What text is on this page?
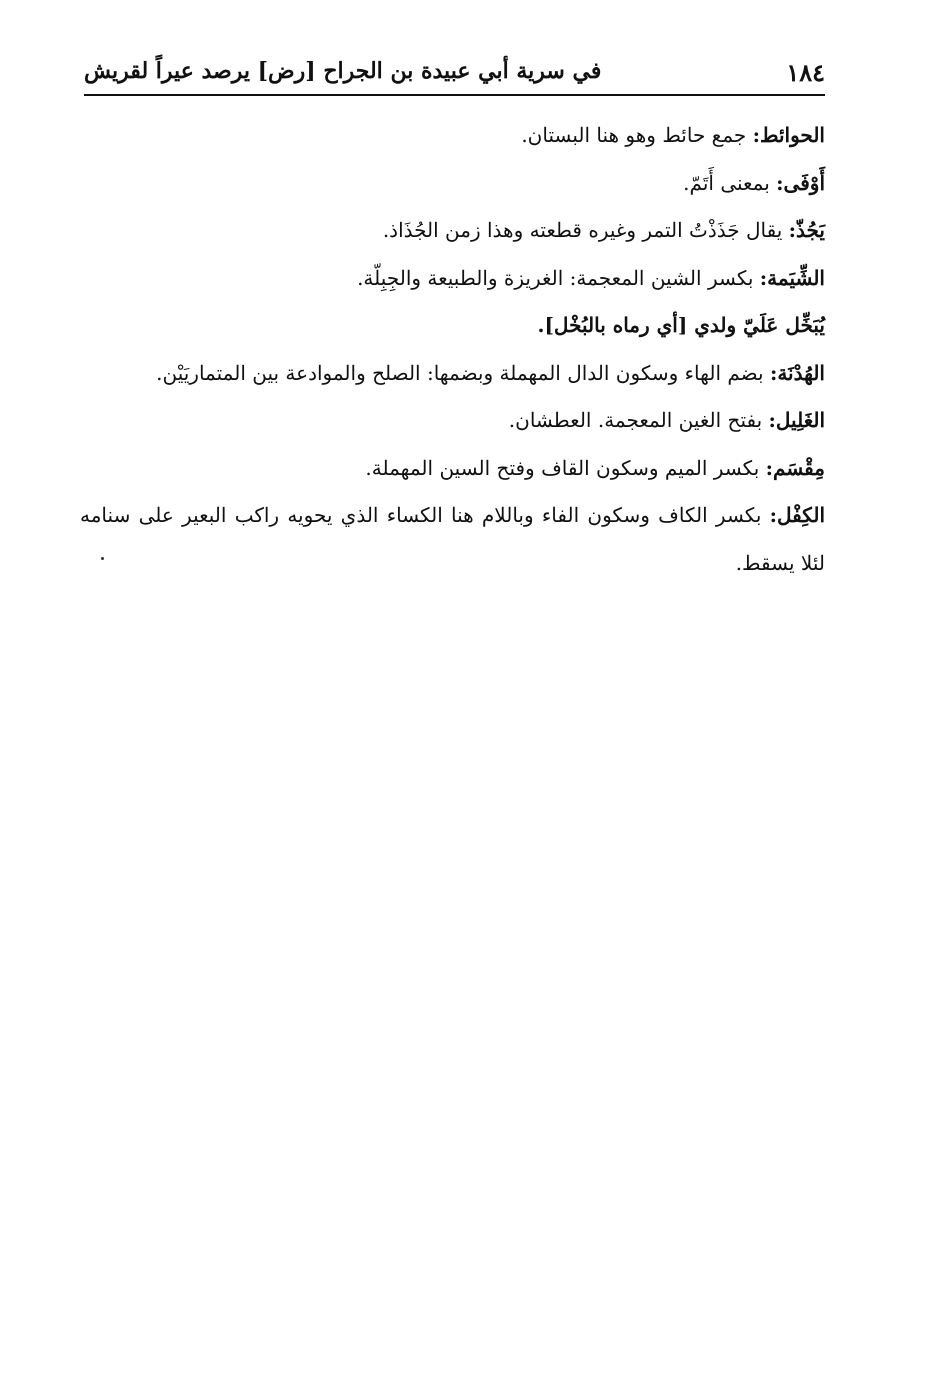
١٨٤
في سرية أبي عبيدة بن الجراح [رض] يرصد عيراً لقريش

الحوائط: جمع حائط وهو هنا البستان.

أَوْفَى: بمعنى أَتَمّ.

يَجُذّ: يقال جَذَذْتُ التمر وغيره قطعته وهذا زمن الجُذَاذ.

الشِّيَمة: بكسر الشين المعجمة: الغريزة والطبيعة والجِبِلّة.

يُبَخِّل عَلَيّ ولدي [أي رماه بالبُخْل].

الهُدْنَة: بضم الهاء وسكون الدال المهملة وبضمها: الصلح والموادعة بين المتماريَيْن.

الغَلِيل: بفتح الغين المعجمة. العطشان.

مِقْسَم: بكسر الميم وسكون القاف وفتح السين المهملة.

الكِفْل: بكسر الكاف وسكون الفاء وباللام هنا الكساء الذي يحويه راكب البعير على سنامه لئلا يسقط.
